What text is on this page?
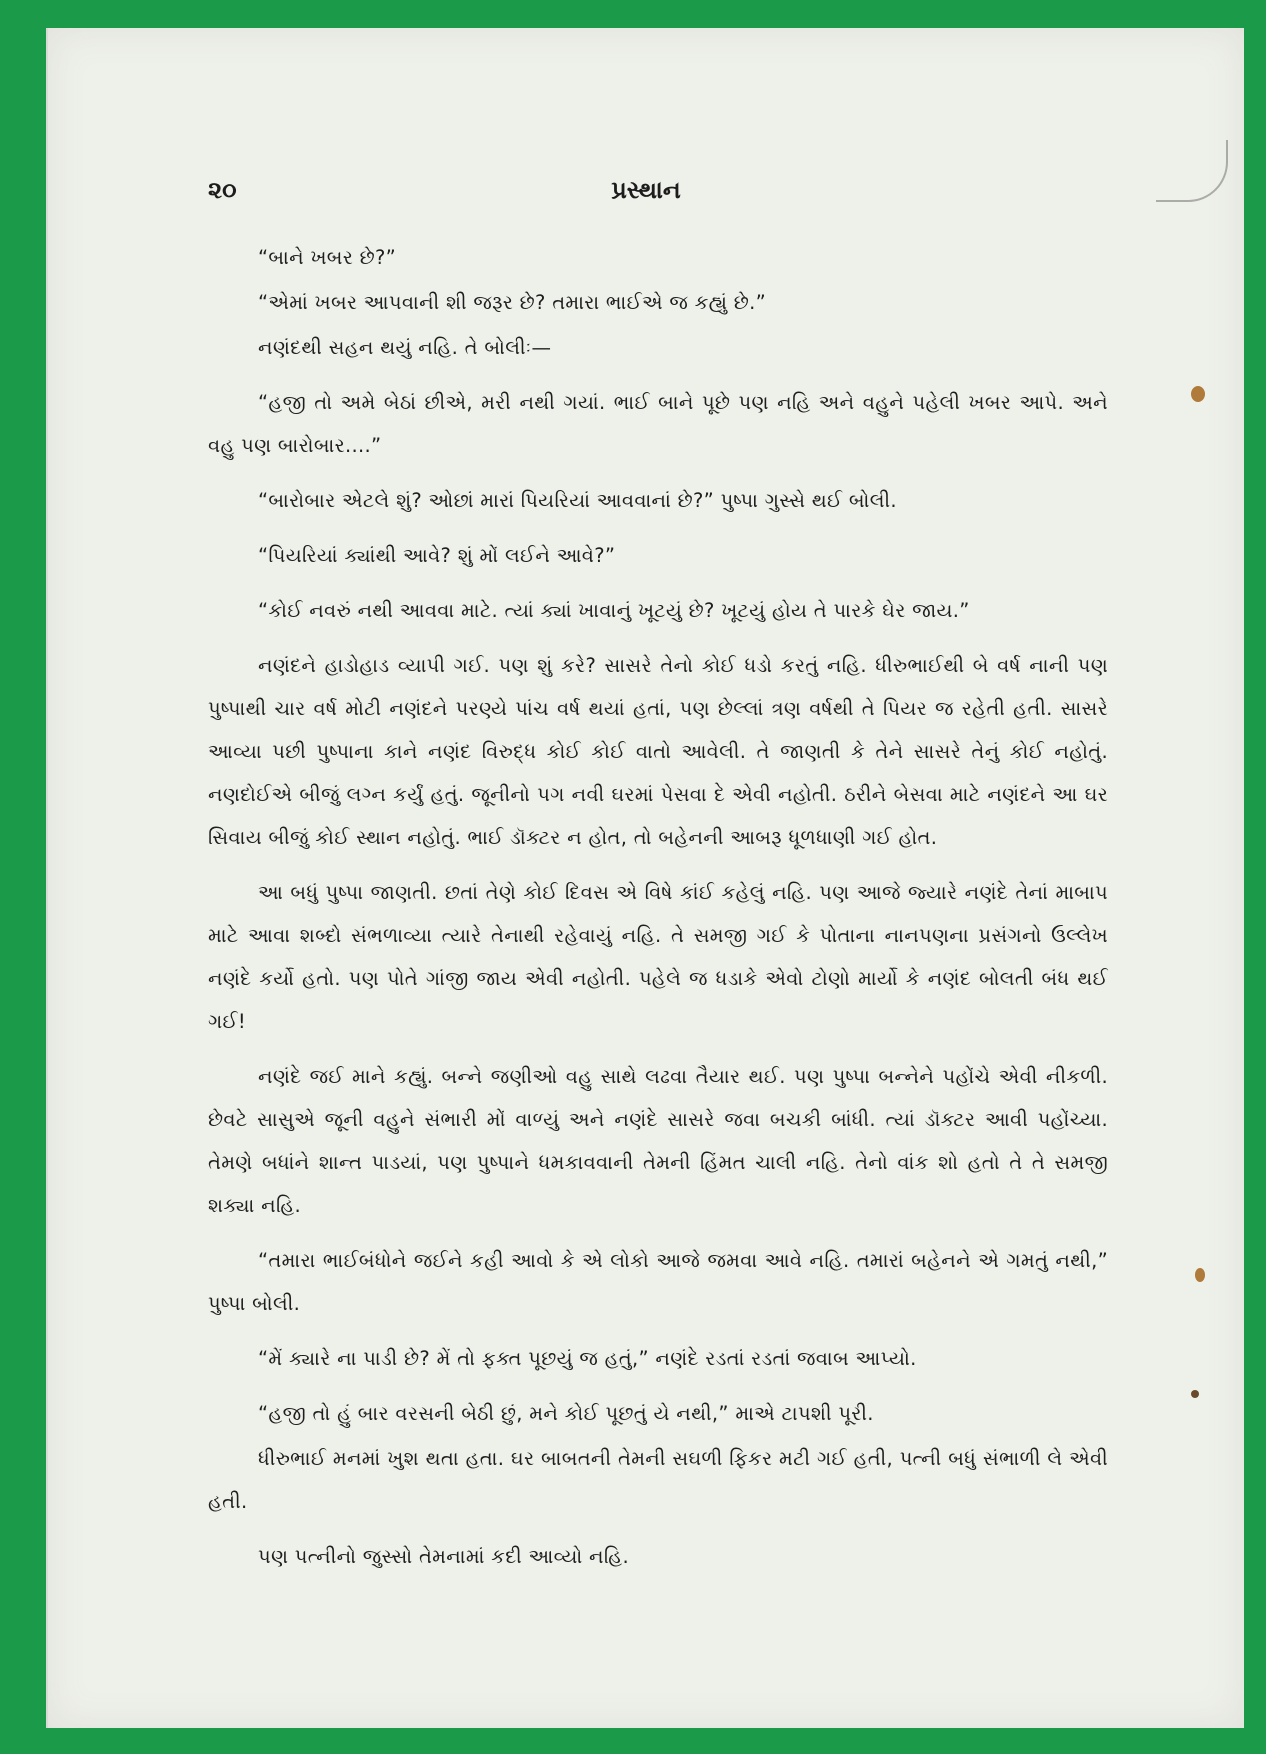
૨૦	પ્રસ્થાન

“બાને ખબર છે?”

“એમાં ખબર આપવાની શી જરૂર છે? તમારા ભાઈએ જ કહ્યું છે.”

નણંદથી સહન થયું નહિ. તે બોલીઃ—

“હજી તો અમે બેઠાં છીએ, મરી નથી ગયાં. ભાઈ બાને પૂછે પણ નહિ અને વહુને પહેલી ખબર આપે. અને વહુ પણ બારોબાર....”

“બારોબાર એટલે શું? ઓછાં મારાં પિયરિયાં આવવાનાં છે?” પુષ્પા ગુસ્સે થઈ બોલી.

“પિયરિયાં ક્યાંથી આવે? શું મોં લઈને આવે?”

“કોઈ નવરું નથી આવવા માટે. ત્યાં ક્યાં ખાવાનું ખૂટયું છે? ખૂટયું હોય તે પારકે ઘેર જાય.”

નણંદને હાડોહાડ વ્યાપી ગઈ. પણ શું કરે? સાસરે તેનો કોઈ ધડો કરતું નહિ. ધીરુભાઈથી બે વર્ષ નાની પણ પુષ્પાથી ચાર વર્ષ મોટી નણંદને પરણ્યે પાંચ વર્ષ થયાં હતાં, પણ છેલ્લાં ત્રણ વર્ષથી તે પિયર જ રહેતી હતી. સાસરે આવ્યા પછી પુષ્પાના કાને નણંદ વિરુદ્ધ કોઈ કોઈ વાતો આવેલી. તે જાણતી કે તેને સાસરે તેનું કોઈ નહોતું. નણદોઈએ બીજું લગ્ન કર્યું હતું. જૂનીનો પગ નવી ઘરમાં પેસવા દે એવી નહોતી. ઠરીને બેસવા માટે નણંદને આ ઘર સિવાય બીજું કોઈ સ્થાન નહોતું. ભાઈ ડૉક્ટર ન હોત, તો બહેનની આબરૂ ધૂળધાણી ગઈ હોત.

આ બધું પુષ્પા જાણતી. છતાં તેણે કોઈ દિવસ એ વિષે કાંઈ કહેલું નહિ. પણ આજે જ્યારે નણંદે તેનાં માબાપ માટે આવા શબ્દો સંભળાવ્યા ત્યારે તેનાથી રહેવાયું નહિ. તે સમજી ગઈ કે પોતાના નાનપણના પ્રસંગનો ઉલ્લેખ નણંદે કર્યો હતો. પણ પોતે ગાંજી જાય એવી નહોતી. પહેલે જ ધડાકે એવો ટોણો માર્યો કે નણંદ બોલતી બંધ થઈ ગઈ!

નણંદે જઈ માને કહ્યું. બન્ને જણીઓ વહુ સાથે લઢવા તૈયાર થઈ. પણ પુષ્પા બન્નેને પહોંચે એવી નીકળી. છેવટે સાસુએ જૂની વહુને સંભારી મોં વાળ્યું અને નણંદે સાસરે જવા બચકી બાંધી. ત્યાં ડૉક્ટર આવી પહોંચ્યા. તેમણે બધાંને શાન્ત પાડયાં, પણ પુષ્પાને ધમકાવવાની તેમની હિંમત ચાલી નહિ. તેનો વાંક શો હતો તે તે સમજી શક્યા નહિ.

“તમારા ભાઈબંધોને જઈને કહી આવો કે એ લોકો આજે જમવા આવે નહિ. તમારાં બહેનને એ ગમતું નથી,” પુષ્પા બોલી.

“મેં ક્યારે ના પાડી છે? મેં તો ફક્ત પૂછયું જ હતું,” નણંદે રડતાં રડતાં જવાબ આપ્યો.

“હજી તો હું બાર વરસની બેઠી છું, મને કોઈ પૂછતું યે નથી,” માએ ટાપશી પૂરી.

ધીરુભાઈ મનમાં ખુશ થતા હતા. ઘર બાબતની તેમની સઘળી ફિકર મટી ગઈ હતી, પત્ની બધું સંભાળી લે એવી હતી.

પણ પત્નીનો જુસ્સો તેમનામાં કદી આવ્યો નહિ.
